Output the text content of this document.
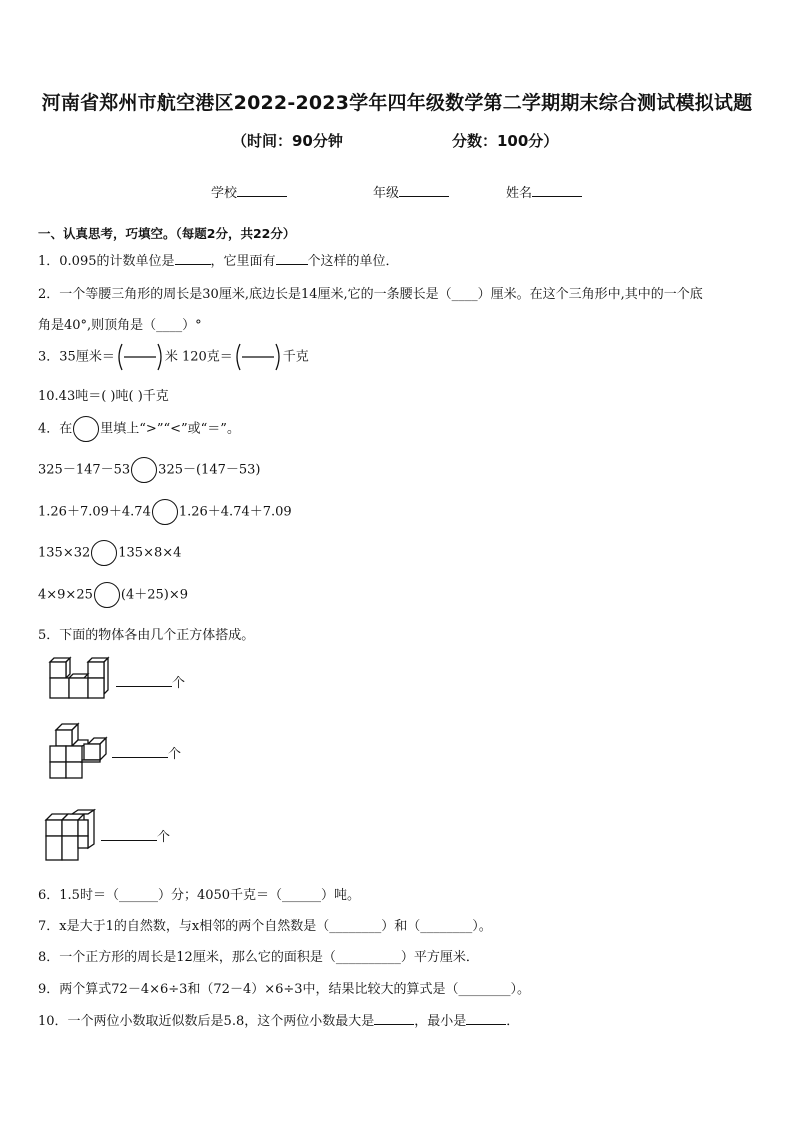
河南省郑州市航空港区2022-2023学年四年级数学第二学期期末综合测试模拟试题
（时间：90分钟	分数：100分）
学校	年级	姓名
一、认真思考，巧填空。（每题2分，共22分）
1．0.095的计数单位是	，它里面有 个这样的单位．
2．一个等腰三角形的周长是30厘米,底边长是14厘米,它的一条腰长是（____）厘米。在这个三角形中,其中的一个底
角是40°,则顶角是（____）°
3．35厘米＝	米 120克＝	千克
10.43吨＝( )吨( )千克
4．在 里填上“>”“<”或“＝”。
325－147－53 325－(147－53)
1.26＋7.09＋4.74 1.26＋4.74＋7.09
135×32 135×8×4
4×9×25 (4＋25)×9
5．下面的物体各由几个正方体搭成。
个
个
个
6．1.5时＝（______）分；4050千克＝（______）吨。
7．x是大于1的自然数，与x相邻的两个自然数是（________）和（________）。
8．一个正方形的周长是12厘米，那么它的面积是（__________）平方厘米．
9．两个算式72－4×6÷3和（72－4）×6÷3中，结果比较大的算式是（________）。
10．一个两位小数取近似数后是5.8，这个两位小数最大是	，最小是	．
